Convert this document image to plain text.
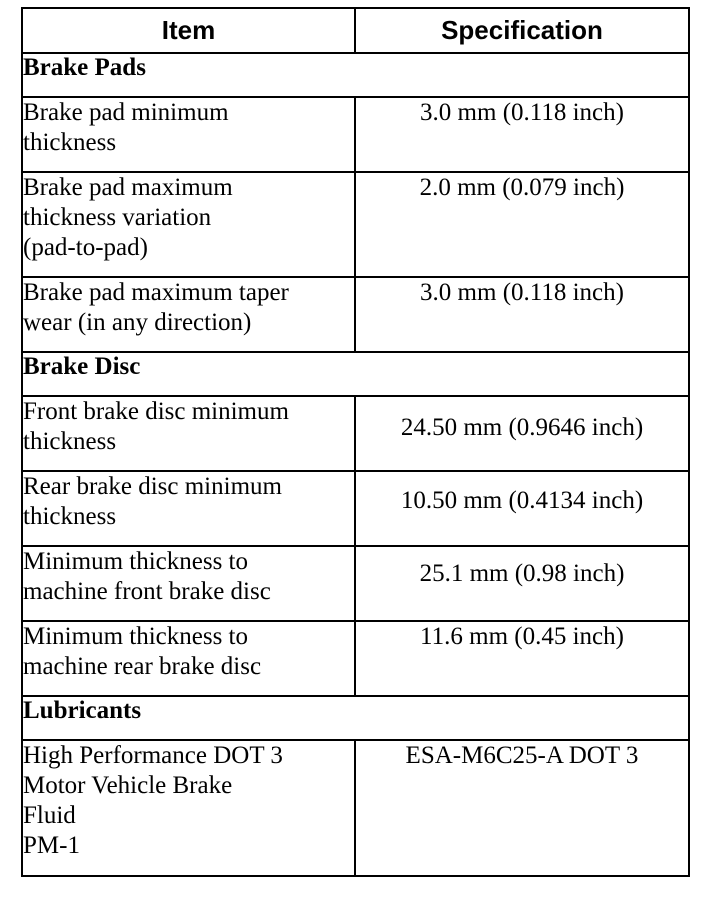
Item	Specification
Brake Pads	
Brake pad minimum
thickness	3.0 mm (0.118 inch)
Brake pad maximum
thickness variation
(pad-to-pad)	2.0 mm (0.079 inch)
Brake pad maximum taper
wear (in any direction)	3.0 mm (0.118 inch)
Brake Disc	
Front brake disc minimum
thickness	24.50 mm (0.9646 inch)
Rear brake disc minimum
thickness	10.50 mm (0.4134 inch)
Minimum thickness to
machine front brake disc	25.1 mm (0.98 inch)
Minimum thickness to
machine rear brake disc	11.6 mm (0.45 inch)
Lubricants	
High Performance DOT 3
Motor Vehicle Brake
Fluid
PM-1	ESA-M6C25-A DOT 3
